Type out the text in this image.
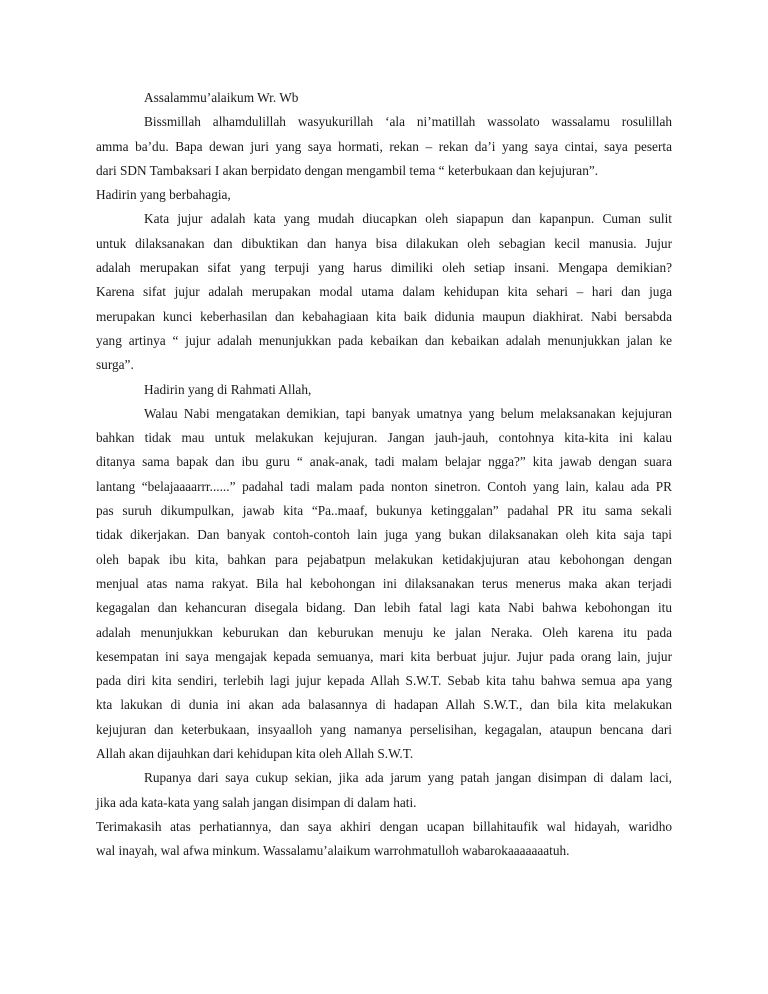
Assalammu’alaikum Wr. Wb
Bissmillah alhamdulillah wasyukurillah ‘ala ni’matillah wassolato wassalamu rosulillah
amma ba’du. Bapa dewan juri yang saya hormati, rekan – rekan da’i yang saya cintai, saya peserta
dari SDN Tambaksari I akan berpidato dengan mengambil tema “ keterbukaan dan kejujuran”.
Hadirin yang berbahagia,
Kata jujur adalah kata yang mudah diucapkan oleh siapapun dan kapanpun. Cuman sulit
untuk dilaksanakan dan dibuktikan dan hanya bisa dilakukan oleh sebagian kecil manusia. Jujur
adalah merupakan sifat yang terpuji yang harus dimiliki oleh setiap insani. Mengapa demikian?
Karena sifat jujur adalah merupakan modal utama dalam kehidupan kita sehari – hari dan juga
merupakan kunci keberhasilan dan kebahagiaan kita baik didunia maupun diakhirat. Nabi bersabda
yang artinya “ jujur adalah menunjukkan pada kebaikan dan kebaikan adalah menunjukkan jalan ke
surga”.
Hadirin yang di Rahmati Allah,
Walau Nabi mengatakan demikian, tapi banyak umatnya yang belum melaksanakan kejujuran
bahkan tidak mau untuk melakukan kejujuran. Jangan jauh-jauh, contohnya kita-kita ini kalau
ditanya sama bapak dan ibu guru “ anak-anak, tadi malam belajar ngga?” kita jawab dengan suara
lantang “belajaaaarrr......” padahal tadi malam pada nonton sinetron. Contoh yang lain, kalau ada PR
pas suruh dikumpulkan, jawab kita “Pa..maaf, bukunya ketinggalan” padahal PR itu sama sekali
tidak dikerjakan. Dan banyak contoh-contoh lain juga yang bukan dilaksanakan oleh kita saja tapi
oleh bapak ibu kita, bahkan para pejabatpun melakukan ketidakjujuran atau kebohongan dengan
menjual atas nama rakyat. Bila hal kebohongan ini dilaksanakan terus menerus maka akan terjadi
kegagalan dan kehancuran disegala bidang. Dan lebih fatal lagi kata Nabi bahwa kebohongan itu
adalah menunjukkan keburukan dan keburukan menuju ke jalan Neraka. Oleh karena itu pada
kesempatan ini saya mengajak kepada semuanya, mari kita berbuat jujur. Jujur pada orang lain, jujur
pada diri kita sendiri, terlebih lagi jujur kepada Allah S.W.T. Sebab kita tahu bahwa semua apa yang
kta lakukan di dunia ini akan ada balasannya di hadapan Allah S.W.T., dan bila kita melakukan
kejujuran dan keterbukaan, insyaalloh yang namanya perselisihan, kegagalan, ataupun bencana dari
Allah akan dijauhkan dari kehidupan kita oleh Allah S.W.T.
Rupanya dari saya cukup sekian, jika ada jarum yang patah jangan disimpan di dalam laci,
jika ada kata-kata yang salah jangan disimpan di dalam hati.
Terimakasih atas perhatiannya, dan saya akhiri dengan ucapan billahitaufik wal hidayah, waridho
wal inayah, wal afwa minkum. Wassalamu’alaikum warrohmatulloh wabarokaaaaaaatuh.
